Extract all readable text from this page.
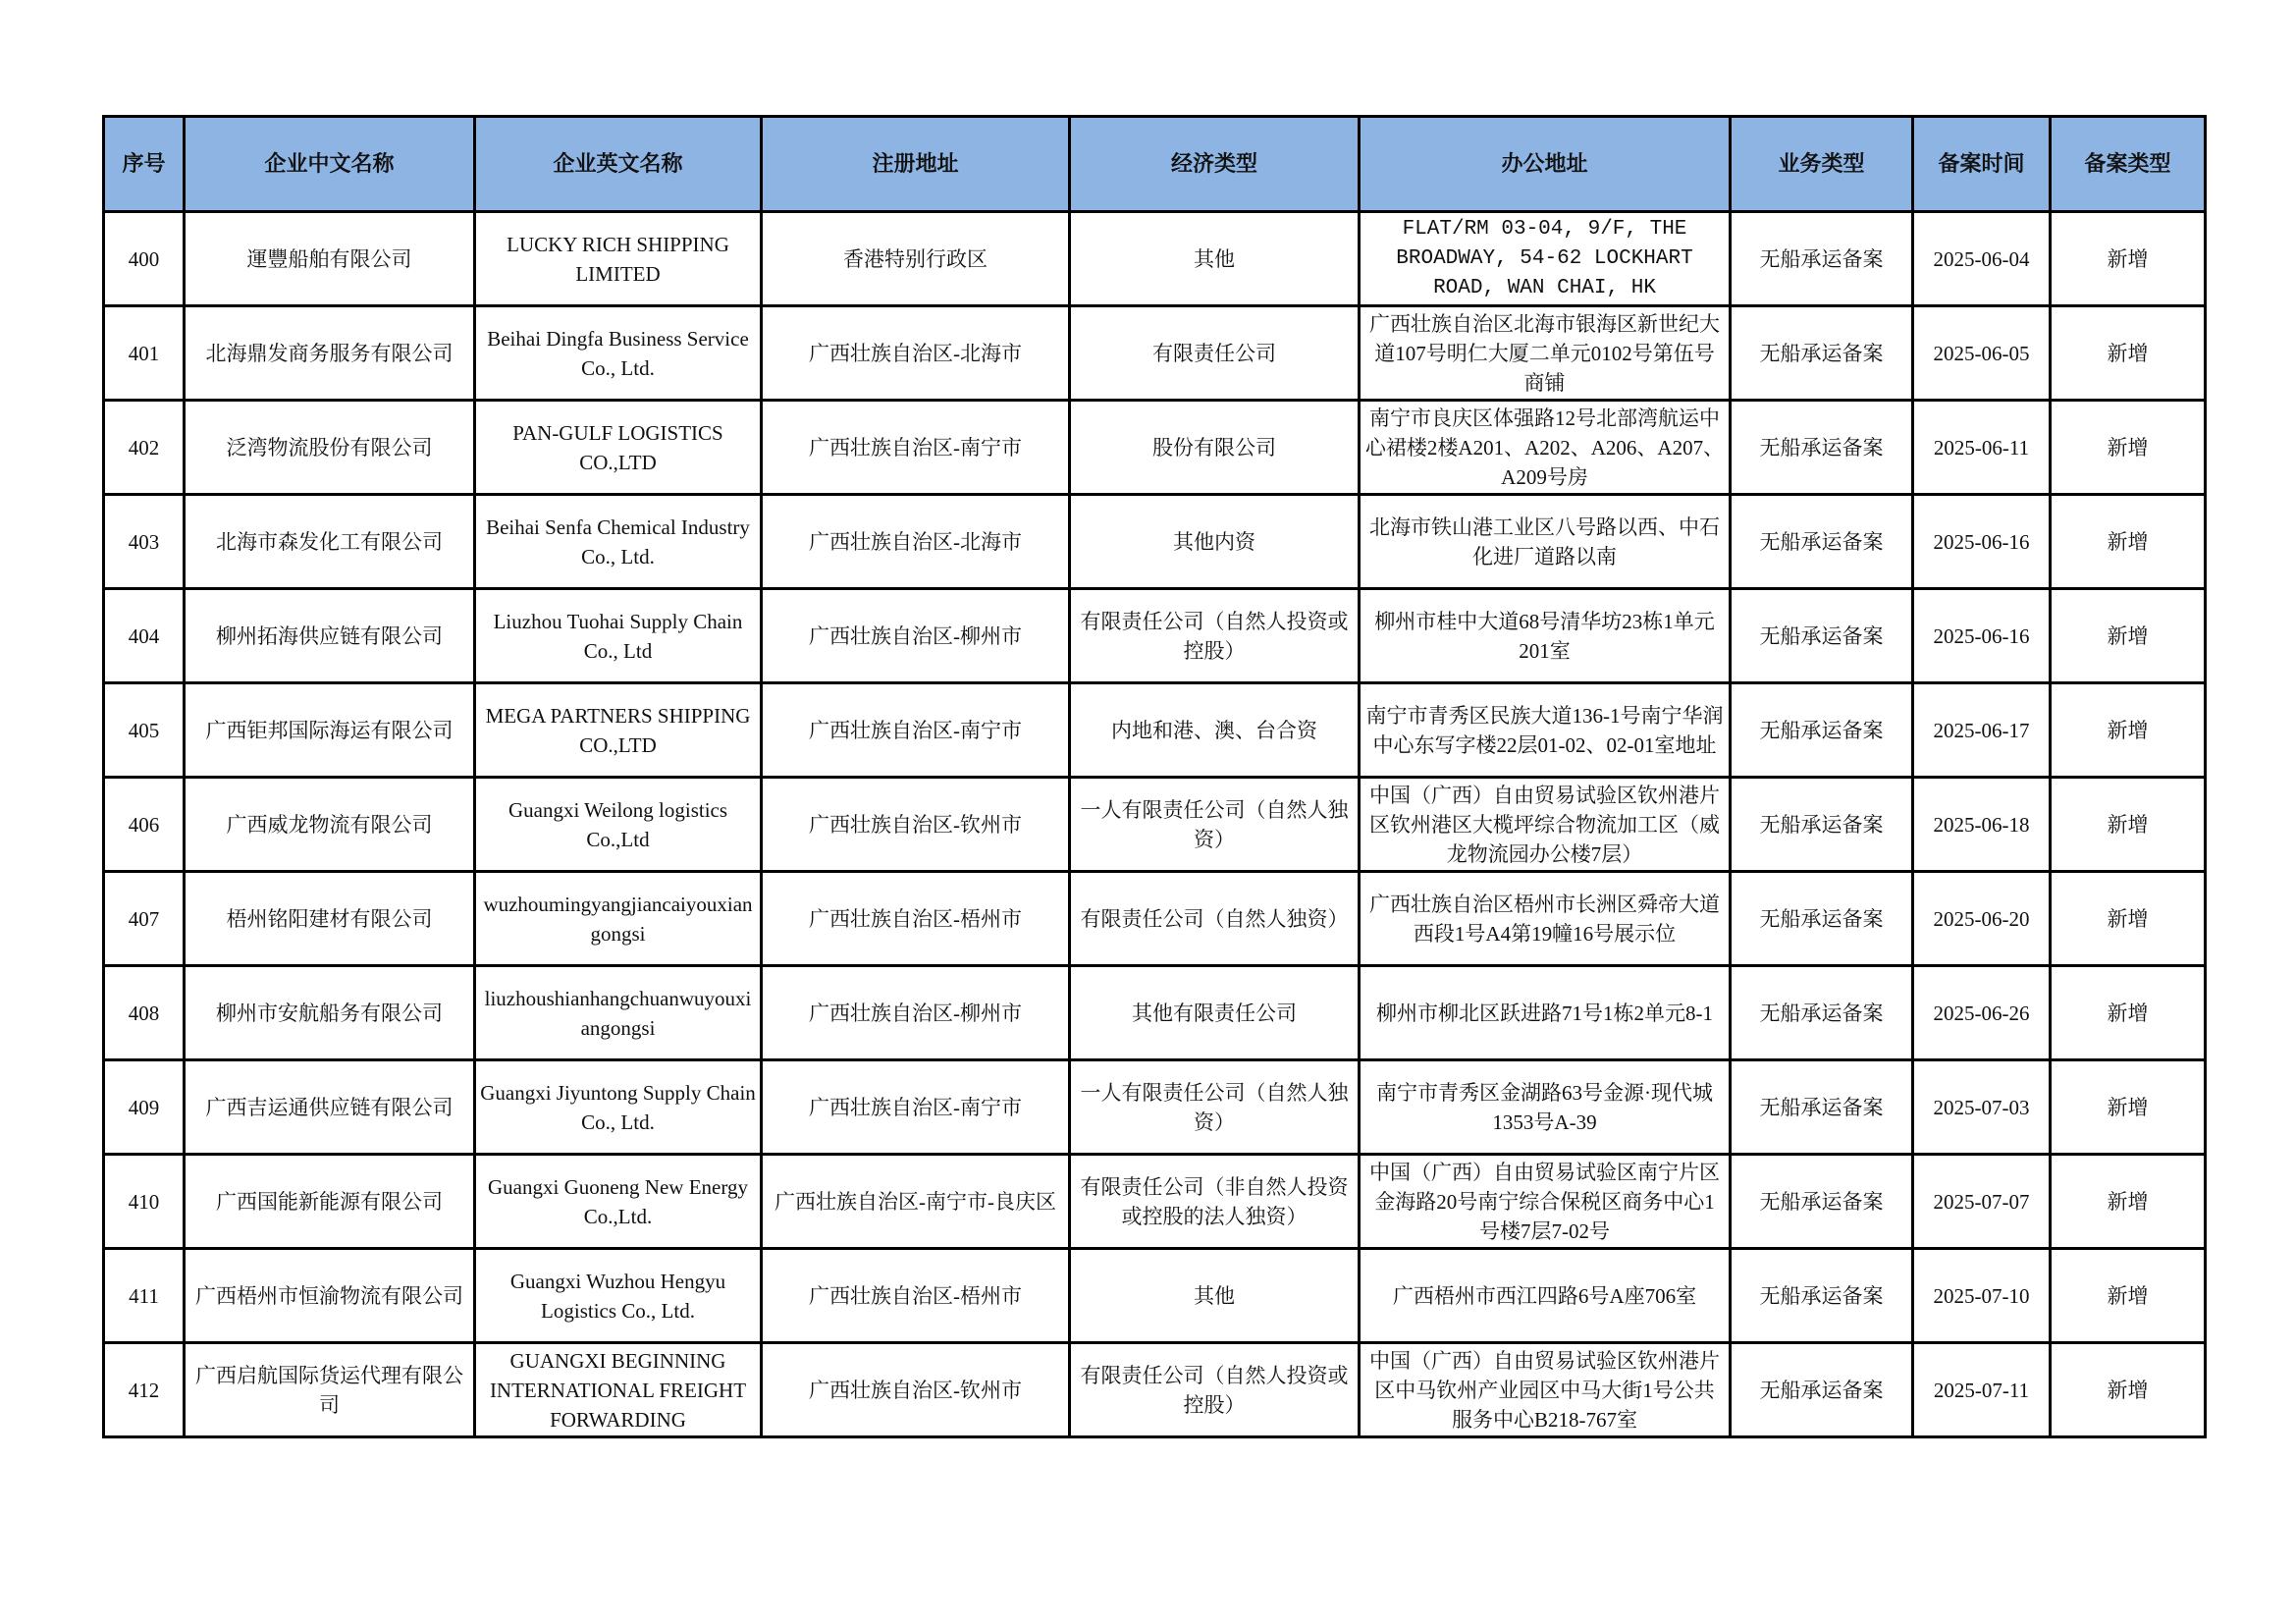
序号	企业中文名称	企业英文名称	注册地址	经济类型	办公地址	业务类型	备案时间	备案类型
400	運豐船舶有限公司	LUCKY RICH SHIPPING LIMITED	香港特别行政区	其他	FLAT/RM 03-04, 9/F, THE BROADWAY, 54-62 LOCKHART ROAD, WAN CHAI, HK	无船承运备案	2025-06-04	新增
401	北海鼎发商务服务有限公司	Beihai Dingfa Business Service Co., Ltd.	广西壮族自治区-北海市	有限责任公司	广西壮族自治区北海市银海区新世纪大道107号明仁大厦二单元0102号第伍号商铺	无船承运备案	2025-06-05	新增
402	泛湾物流股份有限公司	PAN-GULF LOGISTICS CO.,LTD	广西壮族自治区-南宁市	股份有限公司	南宁市良庆区体强路12号北部湾航运中心裙楼2楼A201、A202、A206、A207、A209号房	无船承运备案	2025-06-11	新增
403	北海市森发化工有限公司	Beihai Senfa Chemical Industry Co., Ltd.	广西壮族自治区-北海市	其他内资	北海市铁山港工业区八号路以西、中石化进厂道路以南	无船承运备案	2025-06-16	新增
404	柳州拓海供应链有限公司	Liuzhou Tuohai Supply Chain Co., Ltd	广西壮族自治区-柳州市	有限责任公司（自然人投资或控股）	柳州市桂中大道68号清华坊23栋1单元201室	无船承运备案	2025-06-16	新增
405	广西钜邦国际海运有限公司	MEGA PARTNERS SHIPPING CO.,LTD	广西壮族自治区-南宁市	内地和港、澳、台合资	南宁市青秀区民族大道136-1号南宁华润中心东写字楼22层01-02、02-01室地址	无船承运备案	2025-06-17	新增
406	广西威龙物流有限公司	Guangxi Weilong logistics Co.,Ltd	广西壮族自治区-钦州市	一人有限责任公司（自然人独资）	中国（广西）自由贸易试验区钦州港片区钦州港区大榄坪综合物流加工区（威龙物流园办公楼7层）	无船承运备案	2025-06-18	新增
407	梧州铭阳建材有限公司	wuzhoumingyangjiancaiyouxiangongsi	广西壮族自治区-梧州市	有限责任公司（自然人独资）	广西壮族自治区梧州市长洲区舜帝大道西段1号A4第19幢16号展示位	无船承运备案	2025-06-20	新增
408	柳州市安航船务有限公司	liuzhoushianhangchuanwuyouxiangongsi	广西壮族自治区-柳州市	其他有限责任公司	柳州市柳北区跃进路71号1栋2单元8-1	无船承运备案	2025-06-26	新增
409	广西吉运通供应链有限公司	Guangxi Jiyuntong Supply Chain Co., Ltd.	广西壮族自治区-南宁市	一人有限责任公司（自然人独资）	南宁市青秀区金湖路63号金源·现代城1353号A-39	无船承运备案	2025-07-03	新增
410	广西国能新能源有限公司	Guangxi Guoneng New Energy Co.,Ltd.	广西壮族自治区-南宁市-良庆区	有限责任公司（非自然人投资或控股的法人独资）	中国（广西）自由贸易试验区南宁片区金海路20号南宁综合保税区商务中心1号楼7层7-02号	无船承运备案	2025-07-07	新增
411	广西梧州市恒渝物流有限公司	Guangxi Wuzhou Hengyu Logistics Co., Ltd.	广西壮族自治区-梧州市	其他	广西梧州市西江四路6号A座706室	无船承运备案	2025-07-10	新增
412	广西启航国际货运代理有限公司	GUANGXI BEGINNING INTERNATIONAL FREIGHT FORWARDING	广西壮族自治区-钦州市	有限责任公司（自然人投资或控股）	中国（广西）自由贸易试验区钦州港片区中马钦州产业园区中马大街1号公共服务中心B218-767室	无船承运备案	2025-07-11	新增
